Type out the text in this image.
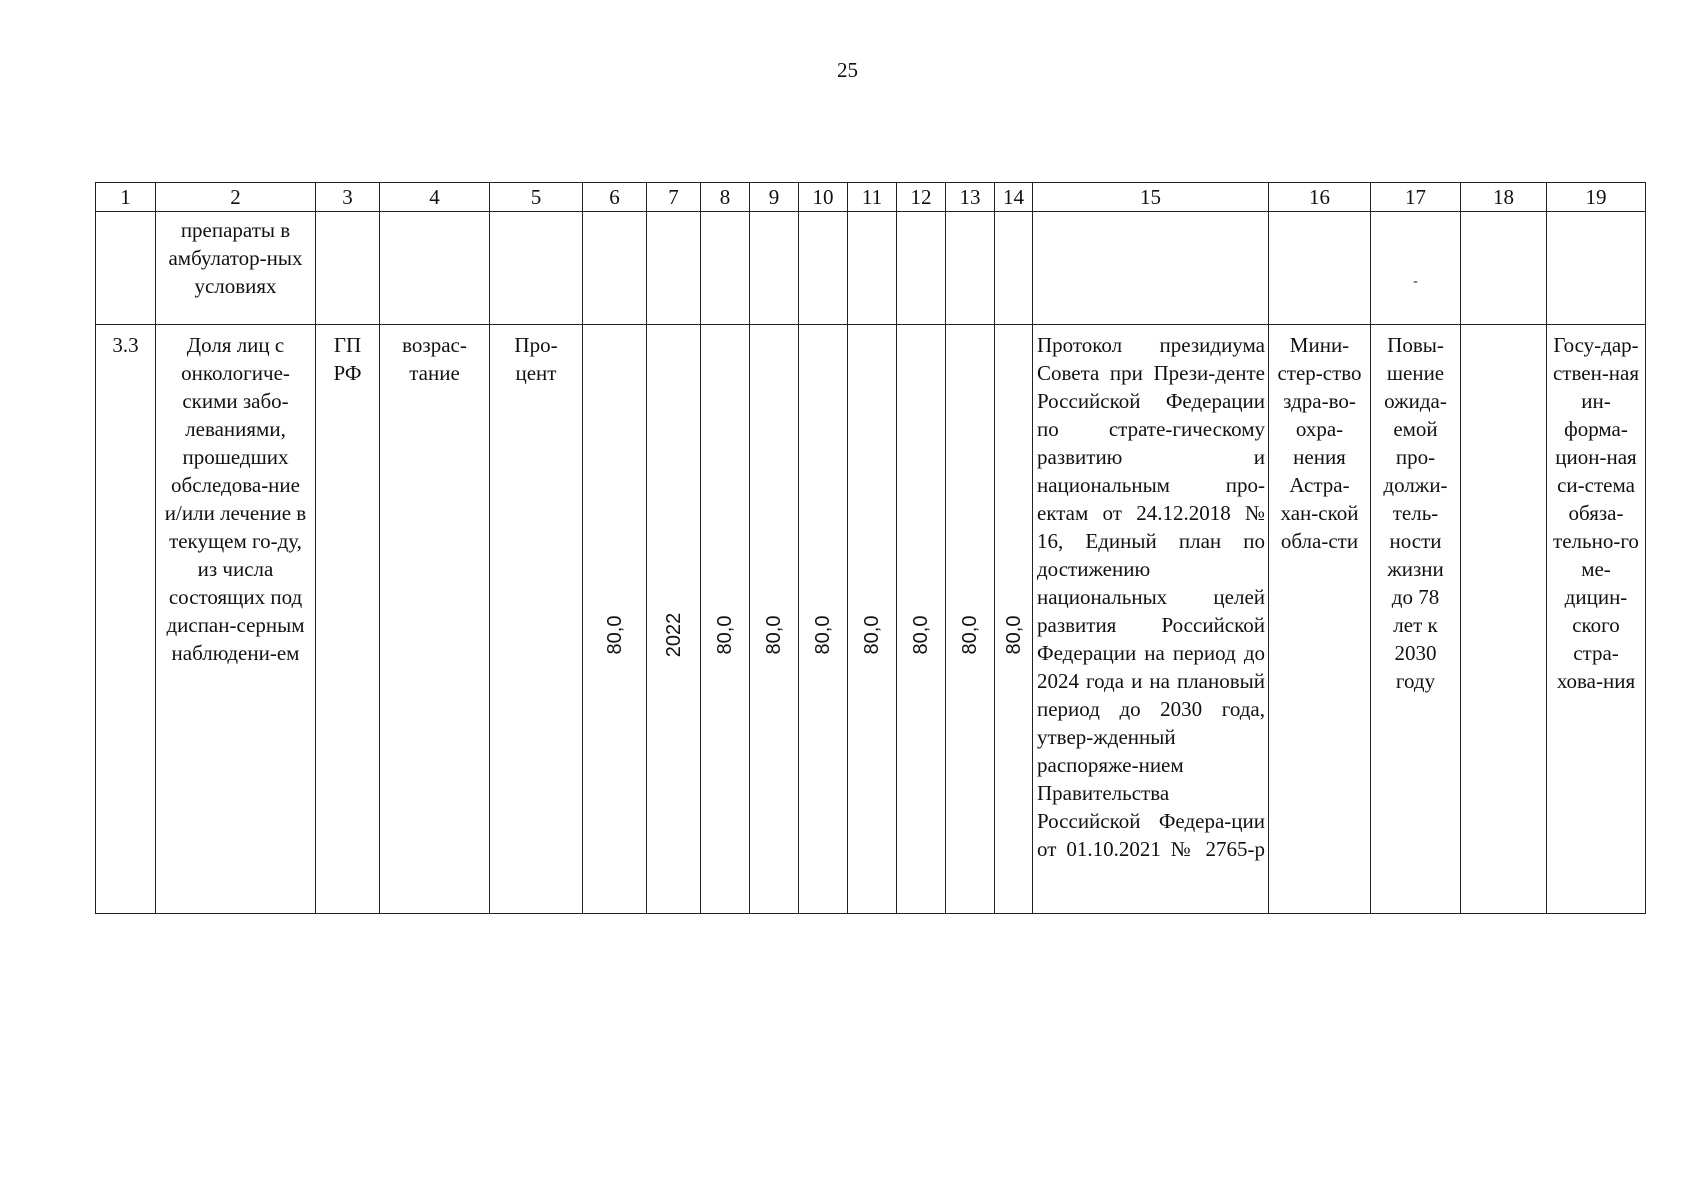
25
1	2	3	4	5	6	7	8	9	10	11	12	13	14	15	16	17	18	19

	препараты в амбулатор-ных условиях															-		

3.3	Доля лиц с онкологиче-скими забо-леваниями, прошедших обследова-ние и/или лечение в текущем го-ду, из числа состоящих под диспан-серным наблюдени-ем	ГП РФ	возрас-тание	Про-цент	80,0	2022	80,0	80,0	80,0	80,0	80,0	80,0	80,0	Протокол президиума Совета при Прези-денте Российской Федерации по страте-гическому развитию и национальным про-ектам от 24.12.2018 № 16, Единый план по достижению национальных целей развития Российской Федерации на период до 2024 года и на плановый период до 2030 года, утвер-жденный распоряже-нием Правительства Российской Федера-ции от 01.10.2021 № 2765-р	Мини-стер-ство здра-во-охра-нения Астра-хан-ской обла-сти	Повы-шение ожида-емой про-должи-тель-ности жизни до 78 лет к 2030 году		Госу-дар-ствен-ная ин-форма-цион-ная си-стема обяза-тельно-го ме-дицин-ского стра-хова-ния
